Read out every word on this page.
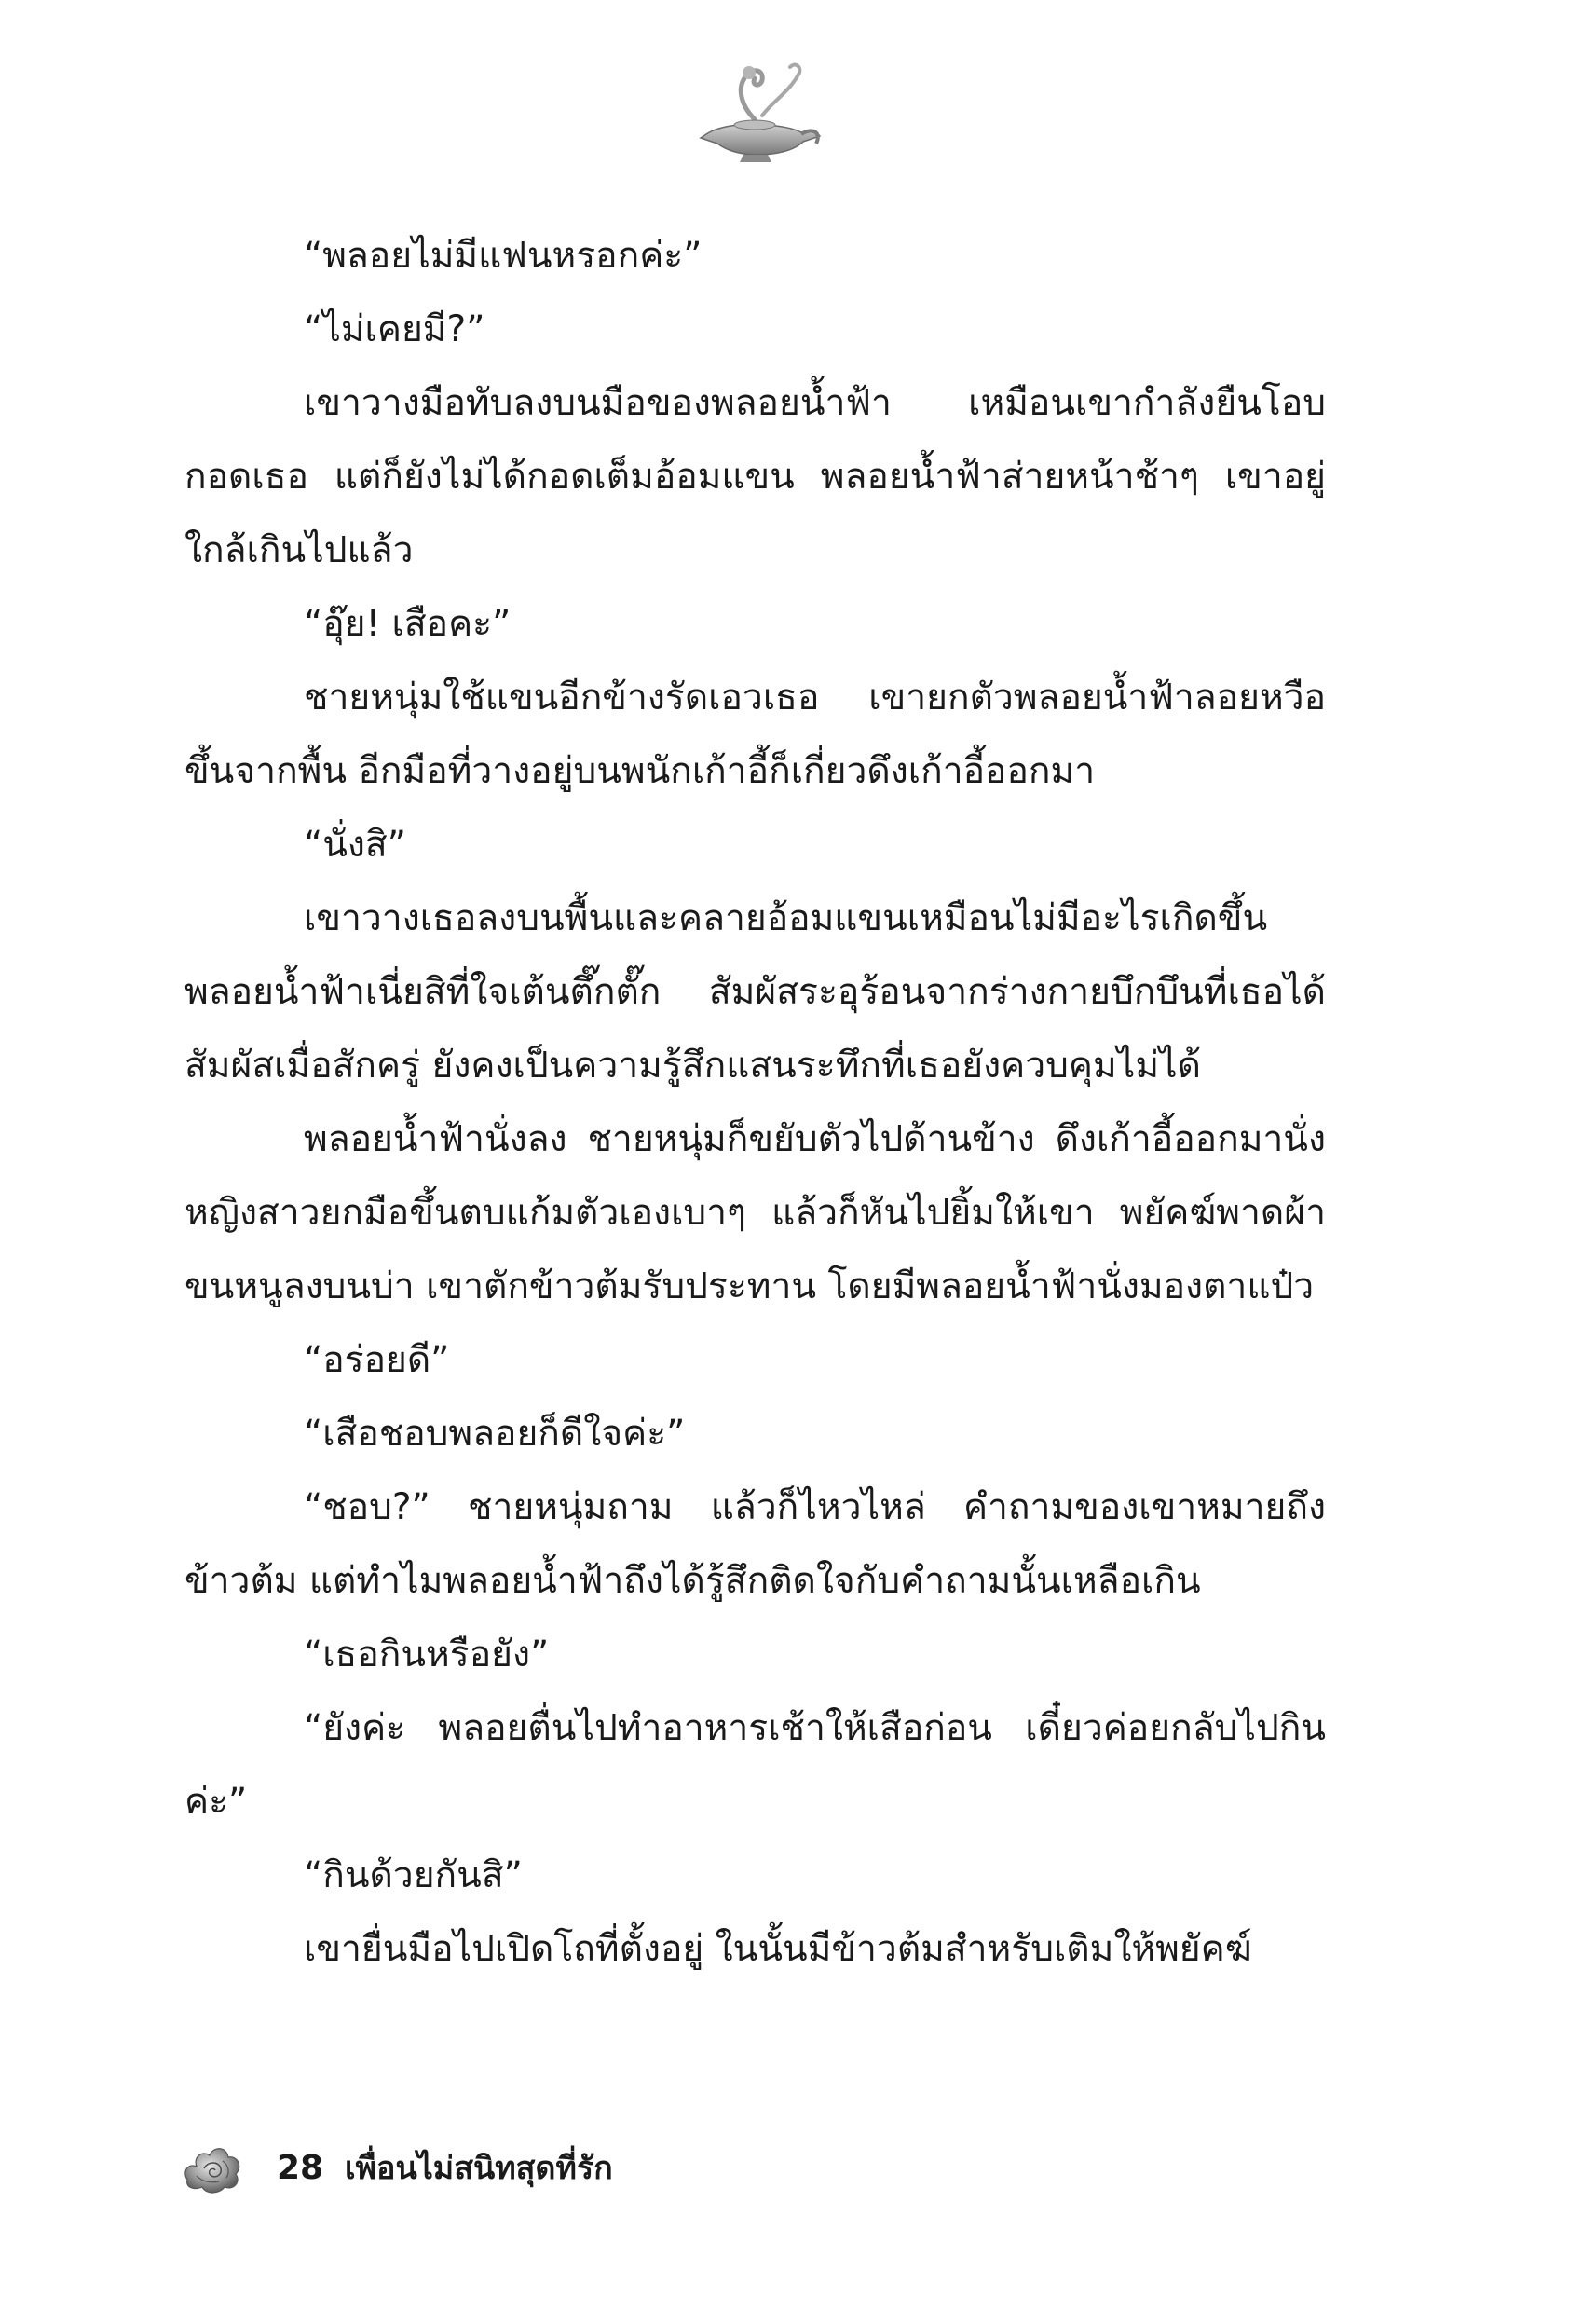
“พลอยไม่มีแฟนหรอกค่ะ”

“ไม่เคยมี?”

เขาวางมือทับลงบนมือของพลอยน้ำฟ้า เหมือนเขากำลังยืนโอบกอดเธอ แต่ก็ยังไม่ได้กอดเต็มอ้อมแขน พลอยน้ำฟ้าส่ายหน้าช้าๆ เขาอยู่ใกล้เกินไปแล้ว

“อุ๊ย! เสือคะ”

ชายหนุ่มใช้แขนอีกข้างรัดเอวเธอ เขายกตัวพลอยน้ำฟ้าลอยหวือขึ้นจากพื้น อีกมือที่วางอยู่บนพนักเก้าอี้ก็เกี่ยวดึงเก้าอี้ออกมา

“นั่งสิ”

เขาวางเธอลงบนพื้นและคลายอ้อมแขนเหมือนไม่มีอะไรเกิดขึ้น พลอยน้ำฟ้าเนี่ยสิที่ใจเต้นตึ๊กตั๊ก สัมผัสระอุร้อนจากร่างกายบึกบึนที่เธอได้สัมผัสเมื่อสักครู่ ยังคงเป็นความรู้สึกแสนระทึกที่เธอยังควบคุมไม่ได้

พลอยน้ำฟ้านั่งลง ชายหนุ่มก็ขยับตัวไปด้านข้าง ดึงเก้าอี้ออกมานั่ง หญิงสาวยกมือขึ้นตบแก้มตัวเองเบาๆ แล้วก็หันไปยิ้มให้เขา พยัคฆ์พาดผ้าขนหนูลงบนบ่า เขาตักข้าวต้มรับประทาน โดยมีพลอยน้ำฟ้านั่งมองตาแป๋ว

“อร่อยดี”

“เสือชอบพลอยก็ดีใจค่ะ”

“ชอบ?” ชายหนุ่มถาม แล้วก็ไหวไหล่ คำถามของเขาหมายถึงข้าวต้ม แต่ทำไมพลอยน้ำฟ้าถึงได้รู้สึกติดใจกับคำถามนั้นเหลือเกิน

“เธอกินหรือยัง”

“ยังค่ะ พลอยตื่นไปทำอาหารเช้าให้เสือก่อน เดี๋ยวค่อยกลับไปกินค่ะ”

“กินด้วยกันสิ”

เขายื่นมือไปเปิดโถที่ตั้งอยู่ ในนั้นมีข้าวต้มสำหรับเติมให้พยัคฆ์

28 เพื่อนไม่สนิทสุดที่รัก
